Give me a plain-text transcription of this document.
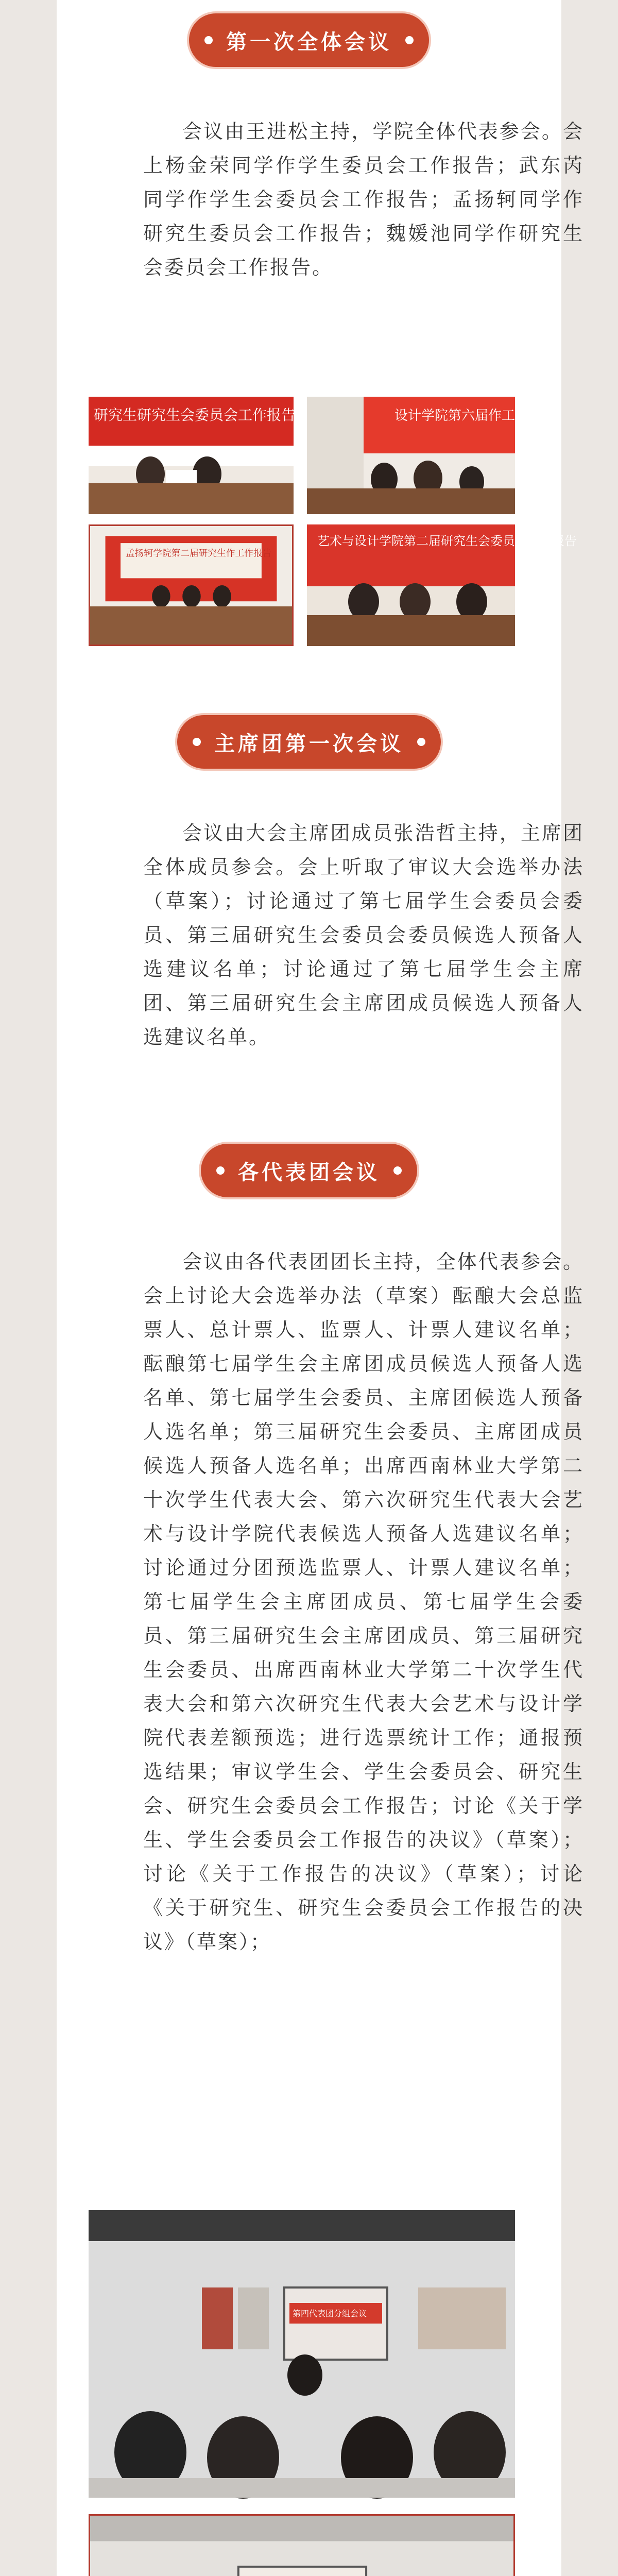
第一次全体会议

会议由王进松主持，学院全体代表参会。会上杨金荣同学作学生委员会工作报告；武东芮同学作学生会委员会工作报告；孟扬轲同学作研究生委员会工作报告；魏媛池同学作研究生会委员会工作报告。

研究生研究生会委员会工作报告	设计学院第六届作工作报告
孟扬轲学院第二届研究生作工作报告
艺术与设计学院第二届研究生会委员会工作报告
主席团第一次会议

会议由大会主席团成员张浩哲主持，主席团全体成员参会。会上听取了审议大会选举办法（草案）；讨论通过了第七届学生会委员会委员、第三届研究生会委员会委员候选人预备人选建议名单；讨论通过了第七届学生会主席团、第三届研究生会主席团成员候选人预备人选建议名单。

各代表团会议

会议由各代表团团长主持，全体代表参会。会上讨论大会选举办法（草案）酝酿大会总监票人、总计票人、监票人、计票人建议名单；酝酿第七届学生会主席团成员候选人预备人选名单、第七届学生会委员、主席团候选人预备人选名单；第三届研究生会委员、主席团成员候选人预备人选名单；出席西南林业大学第二十次学生代表大会、第六次研究生代表大会艺术与设计学院代表候选人预备人选建议名单；讨论通过分团预选监票人、计票人建议名单；第七届学生会主席团成员、第七届学生会委员、第三届研究生会主席团成员、第三届研究生会委员、出席西南林业大学第二十次学生代表大会和第六次研究生代表大会艺术与设计学院代表差额预选；进行选票统计工作；通报预选结果；审议学生会、学生会委员会、研究生会、研究生会委员会工作报告；讨论《关于学生、学生会委员会工作报告的决议》（草案）；讨论《关于工作报告的决议》（草案）；讨论《关于研究生、研究生会委员会工作报告的决议》（草案）；

第四代表团分组会议
